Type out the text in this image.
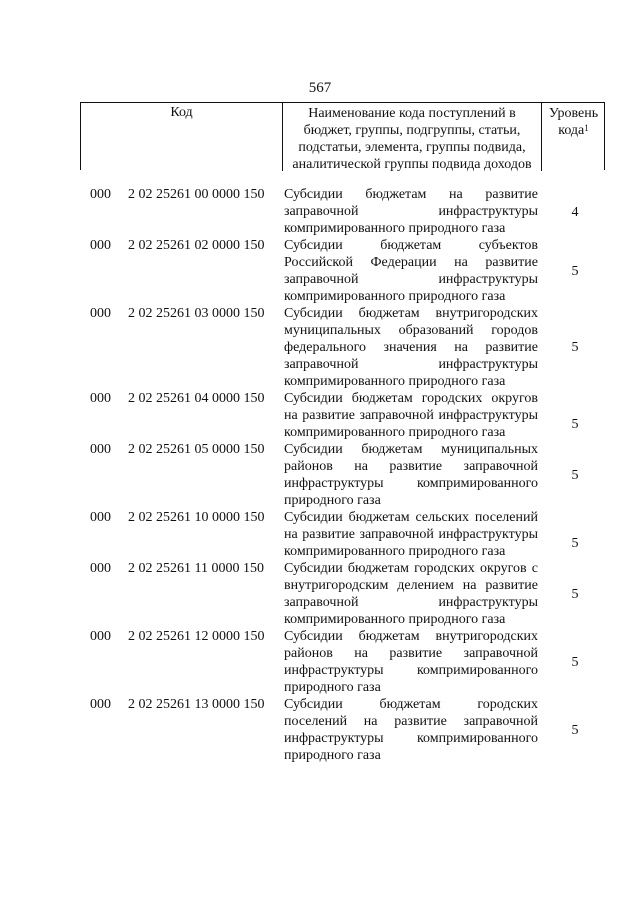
567
Код	Наименование кода поступлений в
бюджет, группы, подгруппы, статьи,
подстатьи, элемента, группы подвида,
аналитической группы подвида доходов
Уровень
кода$^1$
000 2 02 25261 00 0000 150 Субсидии бюджетам на развитие заправочной инфраструктуры компримированного природного газа
4
000 2 02 25261 02 0000 150 Субсидии бюджетам субъектов Российской Федерации на развитие заправочной инфраструктуры компримированного природного газа
5
000 2 02 25261 03 0000 150 Субсидии бюджетам внутригородских муниципальных образований городов федерального значения на развитие заправочной инфраструктуры компримированного природного газа
5
000 2 02 25261 04 0000 150 Субсидии бюджетам городских округов на развитие заправочной инфраструктуры компримированного природного газа
5
000 2 02 25261 05 0000 150 Субсидии бюджетам муниципальных районов на развитие заправочной инфраструктуры компримированного природного газа
5
000 2 02 25261 10 0000 150 Субсидии бюджетам сельских поселений на развитие заправочной инфраструктуры компримированного природного газа
5
000 2 02 25261 11 0000 150 Субсидии бюджетам городских округов с внутригородским делением на развитие заправочной инфраструктуры компримированного природного газа
5
000 2 02 25261 12 0000 150 Субсидии бюджетам внутригородских районов на развитие заправочной инфраструктуры компримированного природного газа
5
000 2 02 25261 13 0000 150 Субсидии бюджетам городских поселений на развитие заправочной инфраструктуры компримированного природного газа
5
